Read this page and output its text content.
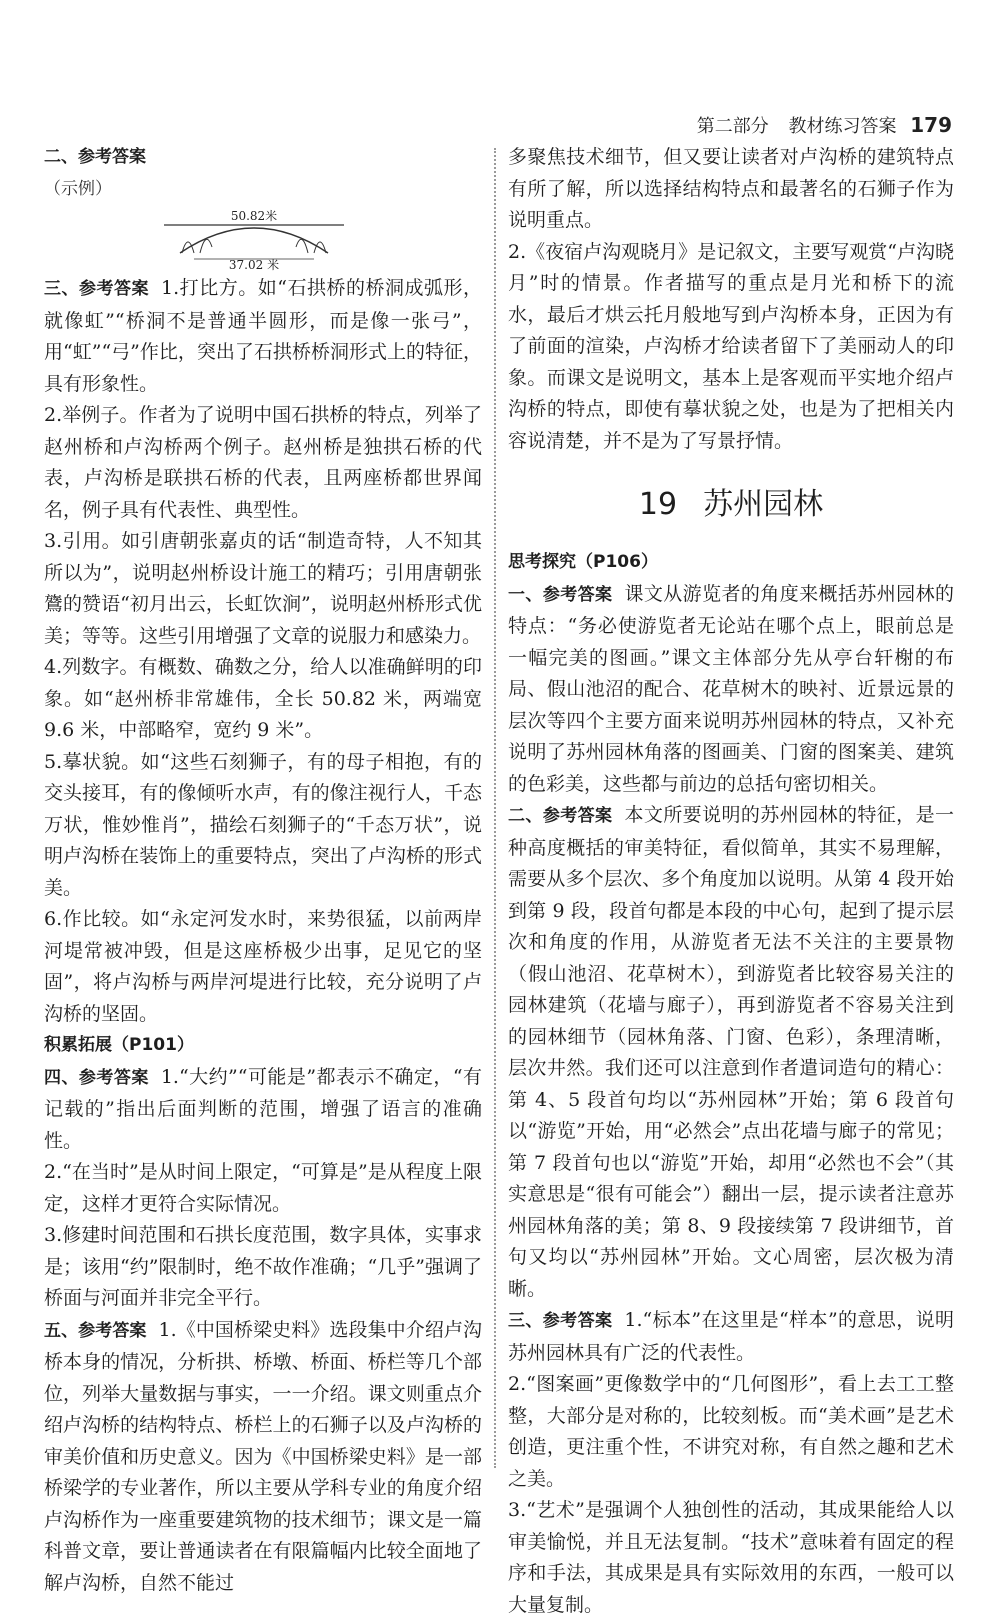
第二部分 教材练习答案 179

二、参考答案

（示例）

50.82米
37.02 米

三、参考答案 1.打比方。如“石拱桥的桥洞成弧形，就像虹”“桥洞不是普通半圆形，而是像一张弓”，用“虹”“弓”作比，突出了石拱桥桥洞形式上的特征，具有形象性。

2.举例子。作者为了说明中国石拱桥的特点，列举了赵州桥和卢沟桥两个例子。赵州桥是独拱石桥的代表，卢沟桥是联拱石桥的代表，且两座桥都世界闻名，例子具有代表性、典型性。

3.引用。如引唐朝张嘉贞的话“制造奇特，人不知其所以为”，说明赵州桥设计施工的精巧；引用唐朝张鷟的赞语“初月出云，长虹饮涧”，说明赵州桥形式优美；等等。这些引用增强了文章的说服力和感染力。

4.列数字。有概数、确数之分，给人以准确鲜明的印象。如“赵州桥非常雄伟，全长 50.82 米，两端宽 9.6 米，中部略窄，宽约 9 米”。

5.摹状貌。如“这些石刻狮子，有的母子相抱，有的交头接耳，有的像倾听水声，有的像注视行人，千态万状，惟妙惟肖”，描绘石刻狮子的“千态万状”，说明卢沟桥在装饰上的重要特点，突出了卢沟桥的形式美。

6.作比较。如“永定河发水时，来势很猛，以前两岸河堤常被冲毁，但是这座桥极少出事，足见它的坚固”，将卢沟桥与两岸河堤进行比较，充分说明了卢沟桥的坚固。

积累拓展（P101）

四、参考答案 1.“大约”“可能是”都表示不确定，“有记载的”指出后面判断的范围，增强了语言的准确性。

2.“在当时”是从时间上限定，“可算是”是从程度上限定，这样才更符合实际情况。

3.修建时间范围和石拱长度范围，数字具体，实事求是；该用“约”限制时，绝不故作准确；“几乎”强调了桥面与河面并非完全平行。

五、参考答案 1.《中国桥梁史料》选段集中介绍卢沟桥本身的情况，分析拱、桥墩、桥面、桥栏等几个部位，列举大量数据与事实，一一介绍。课文则重点介绍卢沟桥的结构特点、桥栏上的石狮子以及卢沟桥的审美价值和历史意义。因为《中国桥梁史料》是一部桥梁学的专业著作，所以主要从学科专业的角度介绍卢沟桥作为一座重要建筑物的技术细节；课文是一篇科普文章，要让普通读者在有限篇幅内比较全面地了解卢沟桥，自然不能过

多聚焦技术细节，但又要让读者对卢沟桥的建筑特点有所了解，所以选择结构特点和最著名的石狮子作为说明重点。

2.《夜宿卢沟观晓月》是记叙文，主要写观赏“卢沟晓月”时的情景。作者描写的重点是月光和桥下的流水，最后才烘云托月般地写到卢沟桥本身，正因为有了前面的渲染，卢沟桥才给读者留下了美丽动人的印象。而课文是说明文，基本上是客观而平实地介绍卢沟桥的特点，即使有摹状貌之处，也是为了把相关内容说清楚，并不是为了写景抒情。

19 苏州园林

思考探究（P106）

一、参考答案 课文从游览者的角度来概括苏州园林的特点：“务必使游览者无论站在哪个点上，眼前总是一幅完美的图画。”课文主体部分先从亭台轩榭的布局、假山池沼的配合、花草树木的映衬、近景远景的层次等四个主要方面来说明苏州园林的特点，又补充说明了苏州园林角落的图画美、门窗的图案美、建筑的色彩美，这些都与前边的总括句密切相关。

二、参考答案 本文所要说明的苏州园林的特征，是一种高度概括的审美特征，看似简单，其实不易理解，需要从多个层次、多个角度加以说明。从第 4 段开始到第 9 段，段首句都是本段的中心句，起到了提示层次和角度的作用，从游览者无法不关注的主要景物（假山池沼、花草树木），到游览者比较容易关注的园林建筑（花墙与廊子），再到游览者不容易关注到的园林细节（园林角落、门窗、色彩），条理清晰，层次井然。我们还可以注意到作者遣词造句的精心：第 4、5 段首句均以“苏州园林”开始；第 6 段首句以“游览”开始，用“必然会”点出花墙与廊子的常见；第 7 段首句也以“游览”开始，却用“必然也不会”（其实意思是“很有可能会”）翻出一层，提示读者注意苏州园林角落的美；第 8、9 段接续第 7 段讲细节，首句又均以“苏州园林”开始。文心周密，层次极为清晰。

三、参考答案 1.“标本”在这里是“样本”的意思，说明苏州园林具有广泛的代表性。

2.“图案画”更像数学中的“几何图形”，看上去工工整整，大部分是对称的，比较刻板。而“美术画”是艺术创造，更注重个性，不讲究对称，有自然之趣和艺术之美。

3.“艺术”是强调个人独创性的活动，其成果能给人以审美愉悦，并且无法复制。“技术”意味着有固定的程序和手法，其成果是具有实际效用的东西，一般可以大量复制。
